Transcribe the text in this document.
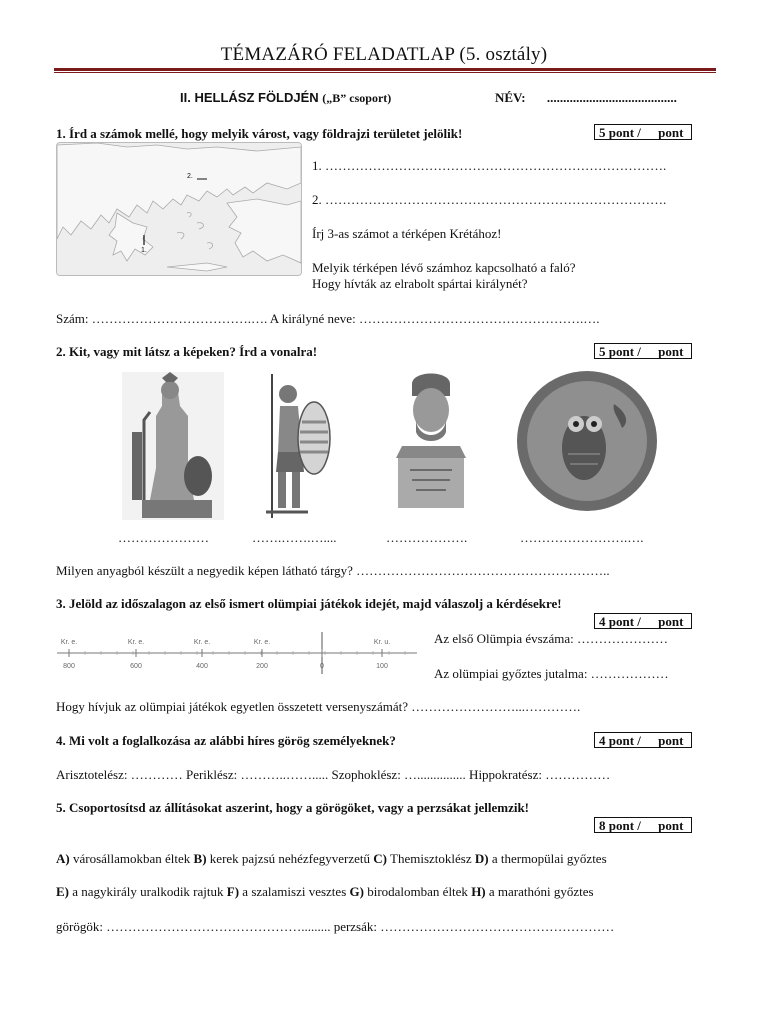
TÉMAZÁRÓ FELADATLAP (5. osztály)
II. HELLÁSZ FÖLDJÉN („B” csoport)	NÉV: ........................................
1. Írd a számok mellé, hogy melyik várost, vagy földrajzi területet jelölik!	5 pont / pont
2.
1.
1. …………………………………………………………………….
2. …………………………………………………………………….
Írj 3-as számot a térképen Krétához!
Melyik térképen lévő számhoz kapcsolható a faló?
Hogy hívták az elrabolt spártai királynét?
Szám: ……………………………….…. A királyné neve: …………………………………………….….
2. Kit, vagy mit látsz a képeken? Írd a vonalra!	5 pont / pont
…………………	…….…….…....	……………….	…………………….….
Milyen anyagból készült a negyedik képen látható tárgy? …………………………………………………..
3. Jelöld az időszalagon az első ismert olümpiai játékok idejét, majd válaszolj a kérdésekre!
4 pont / pont
Kr. e.
800
Kr. e.
600
Kr. e.
400
Kr. e.
200	0
Kr. u.
100
Az első Olümpia évszáma: …………………
Az olümpiai győztes jutalma: ………………
Hogy hívjuk az olümpiai játékok egyetlen összetett versenyszámát? ……………………...………….
4. Mi volt a foglalkozása az alábbi híres görög személyeknek?	4 pont / pont
Arisztotelész: ………… Periklész: ………..……..... Szophoklész: …............... Hippokratész: ……………
5. Csoportosítsd az állításokat aszerint, hogy a görögöket, vagy a perzsákat jellemzik!
8 pont / pont
A) városállamokban éltek B) kerek pajzsú nehézfegyverzetű C) Themisztoklész D) a thermopülai győztes
E) a nagykirály uralkodik rajtuk F) a szalamiszi vesztes G) birodalomban éltek H) a marathóni győztes
görögök: ………………………………………......... perzsák: ………………………………………………
